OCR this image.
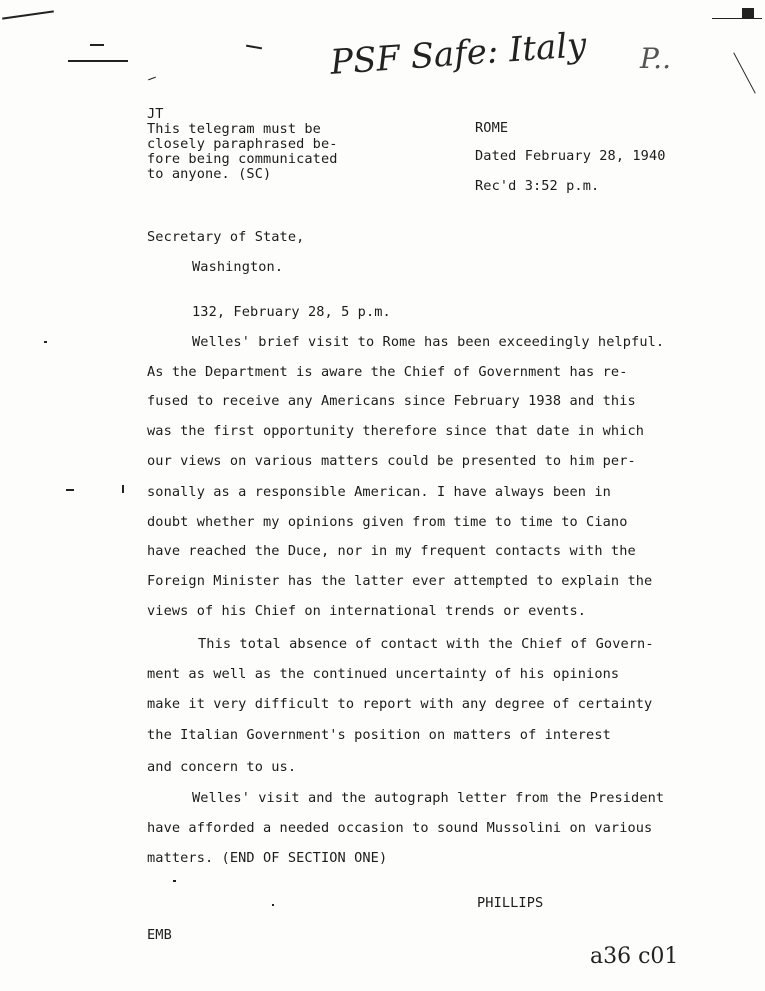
PSF Safe: Italy P..
JT
This telegram must be
closely paraphrased be-
fore being communicated
to anyone. (SC)
ROME
Dated February 28, 1940
Rec'd 3:52 p.m.
Secretary of State,
Washington.
132, February 28, 5 p.m.
Welles' brief visit to Rome has been exceedingly helpful.
As the Department is aware the Chief of Government has re-
fused to receive any Americans since February 1938 and this
was the first opportunity therefore since that date in which
our views on various matters could be presented to him per-
sonally as a responsible American. I have always been in
doubt whether my opinions given from time to time to Ciano
have reached the Duce, nor in my frequent contacts with the
Foreign Minister has the latter ever attempted to explain the
views of his Chief on international trends or events.
This total absence of contact with the Chief of Govern-
ment as well as the continued uncertainty of his opinions
make it very difficult to report with any degree of certainty
the Italian Government's position on matters of interest
and concern to us.
Welles' visit and the autograph letter from the President
have afforded a needed occasion to sound Mussolini on various
matters. (END OF SECTION ONE)
PHILLIPS
EMB
a36 c01
